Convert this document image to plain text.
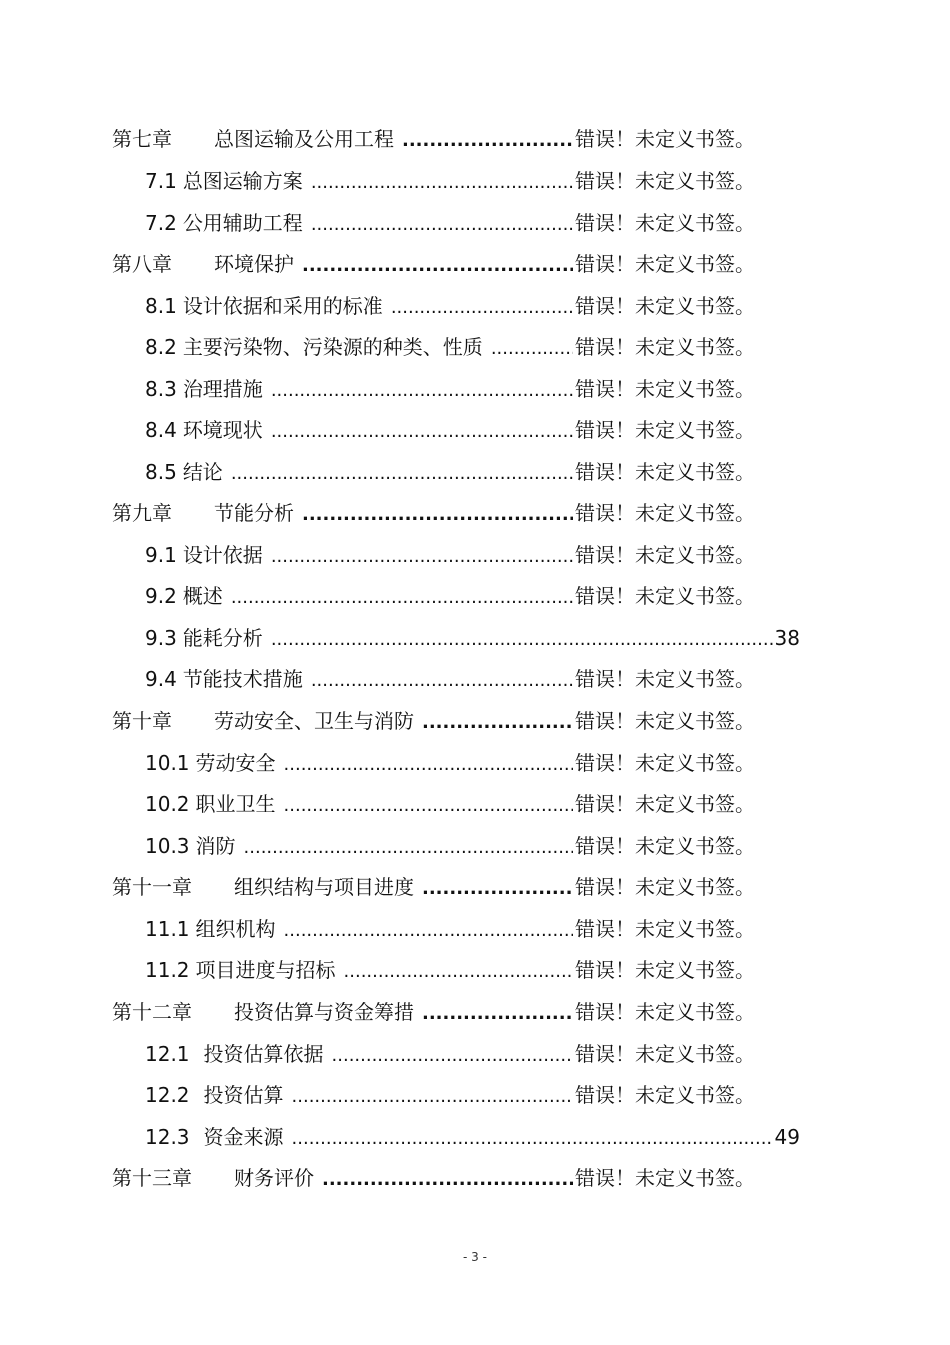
第七章 总图运输及公用工程 .....	错误！未定义书签。
7.1 总图运输方案 .....	错误！未定义书签。
7.2 公用辅助工程 .....	错误！未定义书签。
第八章 环境保护 .....	错误！未定义书签。
8.1 设计依据和采用的标准 .....	错误！未定义书签。
8.2 主要污染物、污染源的种类、性质 .....	错误！未定义书签。
8.3 治理措施 .....	错误！未定义书签。
8.4 环境现状 .....	错误！未定义书签。
8.5 结论 .....	错误！未定义书签。
第九章 节能分析 .....	错误！未定义书签。
9.1 设计依据 .....	错误！未定义书签。
9.2 概述 .....	错误！未定义书签。
9.3 能耗分析 .....	38
9.4 节能技术措施 .....	错误！未定义书签。
第十章 劳动安全、卫生与消防 .....	错误！未定义书签。
10.1 劳动安全 .....	错误！未定义书签。
10.2 职业卫生 .....	错误！未定义书签。
10.3 消防 .....	错误！未定义书签。
第十一章 组织结构与项目进度 .....	错误！未定义书签。
11.1 组织机构 .....	错误！未定义书签。
11.2 项目进度与招标 .....	错误！未定义书签。
第十二章 投资估算与资金筹措 .....	错误！未定义书签。
12.1 投资估算依据 .....	错误！未定义书签。
12.2 投资估算 .....	错误！未定义书签。
12.3 资金来源 .....	49
第十三章 财务评价 .....	错误！未定义书签。
- 3 -
